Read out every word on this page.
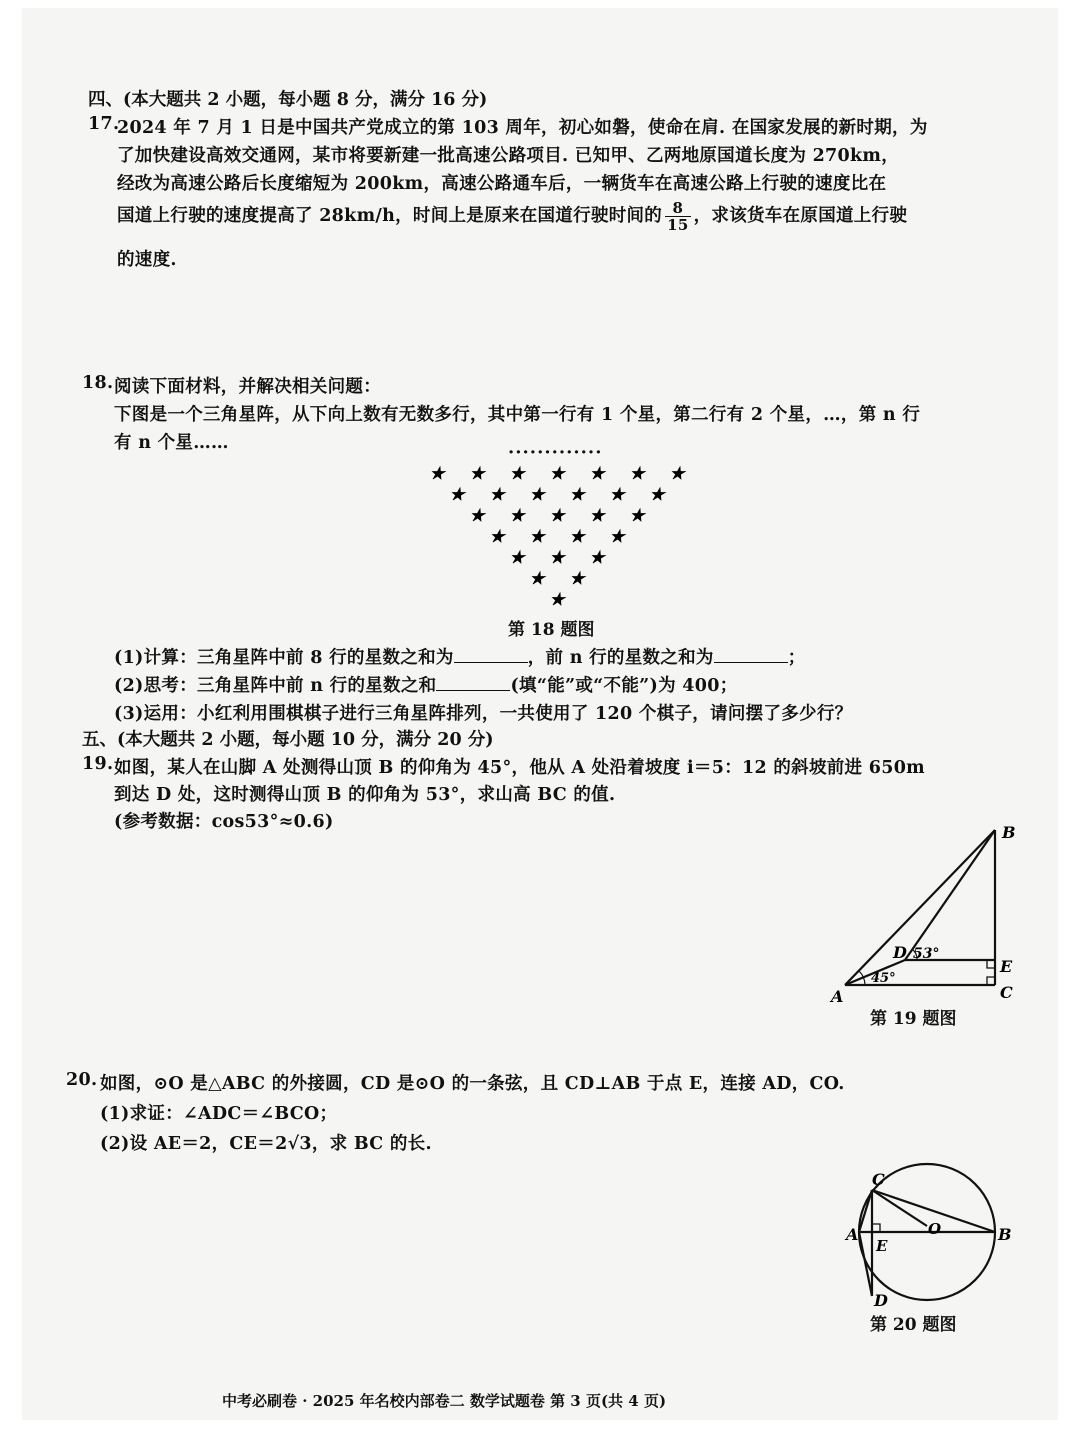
四、(本大题共 2 小题，每小题 8 分，满分 16 分)
17.
2024 年 7 月 1 日是中国共产党成立的第 103 周年，初心如磐，使命在肩. 在国家发展的新时期，为
了加快建设高效交通网，某市将要新建一批高速公路项目. 已知甲、乙两地原国道长度为 270km，
经改为高速公路后长度缩短为 200km，高速公路通车后，一辆货车在高速公路上行驶的速度比在
国道上行驶的速度提高了 28km/h，时间上是原来在国道行驶时间的 $\frac{8}{15}$ ，求该货车在原国道上行驶
的速度.
18. 阅读下面材料，并解决相关问题：
下图是一个三角星阵，从下向上数有无数多行，其中第一行有 1 个星，第二行有 2 个星，…，第 n 行
有 n 个星……	·············
★ ★ ★ ★ ★ ★ ★
★ ★ ★ ★ ★ ★
★ ★ ★ ★ ★
★ ★ ★ ★
★ ★ ★
★ ★
★
第 18 题图
(1)计算：三角星阵中前 8 行的星数之和为	，前 n 行的星数之和为	；
(2)思考：三角星阵中前 n 行的星数之和	(填“能”或“不能”)为 400；
(3)运用：小红利用围棋棋子进行三角星阵排列，一共使用了 120 个棋子，请问摆了多少行？
五、(本大题共 2 小题，每小题 10 分，满分 20 分)
19. 如图，某人在山脚 A 处测得山顶 B 的仰角为 45°，他从 A 处沿着坡度 i＝5：12 的斜坡前进 650m
到达 D 处，这时测得山顶 B 的仰角为 53°，求山高 BC 的值.
(参考数据：cos53°≈0.6)
B
E
C
A
D 53°
45°
第 19 题图
20. 如图，⊙O 是△ABC 的外接圆，CD 是⊙O 的一条弦，且 CD⊥AB 于点 E，连接 AD，CO.
(1)求证：∠ADC＝∠BCO；
(2)设 AE＝2，CE＝2√3，求 BC 的长.
C
A
E
O	B
D
第 20 题图
中考必刷卷 · 2025 年名校内部卷二 数学试题卷 第 3 页(共 4 页)
